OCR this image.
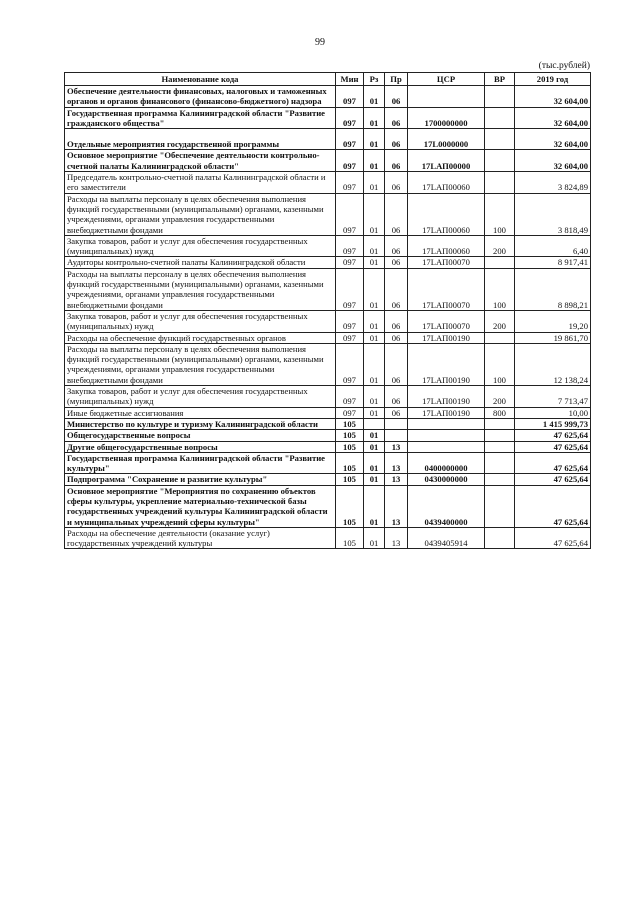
99
(тыс.рублей)
Наименование кода	Мин	Рз	Пр	ЦСР	ВР	2019 год
Обеспечение деятельности финансовых, налоговых и таможенных органов и органов финансового (финансово-бюджетного) надзора	097	01	06			32 604,00
Государственная программа Калининградской области "Развитие гражданского общества"	097	01	06	1700000000		32 604,00
Отдельные мероприятия государственной программы	097	01	06	17L0000000		32 604,00
Основное мероприятие "Обеспечение деятельности контрольно-счетной палаты Калининградской области"	097	01	06	17LАП00000		32 604,00
Председатель контрольно-счетной палаты Калининградской области и его заместители	097	01	06	17LАП00060		3 824,89
Расходы на выплаты персоналу в целях обеспечения выполнения функций государственными (муниципальными) органами, казенными учреждениями, органами управления государственными внебюджетными фондами	097	01	06	17LАП00060	100	3 818,49
Закупка товаров, работ и услуг для обеспечения государственных (муниципальных) нужд	097	01	06	17LАП00060	200	6,40
Аудиторы контрольно-счетной палаты Калининградской области	097	01	06	17LАП00070		8 917,41
Расходы на выплаты персоналу в целях обеспечения выполнения функций государственными (муниципальными) органами, казенными учреждениями, органами управления государственными внебюджетными фондами	097	01	06	17LАП00070	100	8 898,21
Закупка товаров, работ и услуг для обеспечения государственных (муниципальных) нужд	097	01	06	17LАП00070	200	19,20
Расходы на обеспечение функций государственных органов	097	01	06	17LАП00190		19 861,70
Расходы на выплаты персоналу в целях обеспечения выполнения функций государственными (муниципальными) органами, казенными учреждениями, органами управления государственными внебюджетными фондами	097	01	06	17LАП00190	100	12 138,24
Закупка товаров, работ и услуг для обеспечения государственных (муниципальных) нужд	097	01	06	17LАП00190	200	7 713,47
Иные бюджетные ассигнования	097	01	06	17LАП00190	800	10,00
Министерство по культуре и туризму Калининградской области	105					1 415 999,73
Общегосударственные вопросы	105	01				47 625,64
Другие общегосударственные вопросы	105	01	13			47 625,64
Государственная программа Калининградской области "Развитие культуры"	105	01	13	0400000000		47 625,64
Подпрограмма "Сохранение и развитие культуры"	105	01	13	0430000000		47 625,64
Основное мероприятие "Мероприятия по сохранению объектов сферы культуры, укрепление материально-технической базы государственных учреждений культуры Калининградской области и муниципальных учреждений сферы культуры"	105	01	13	0439400000		47 625,64
Расходы на обеспечение деятельности (оказание услуг) государственных учреждений культуры	105	01	13	0439405914		47 625,64
